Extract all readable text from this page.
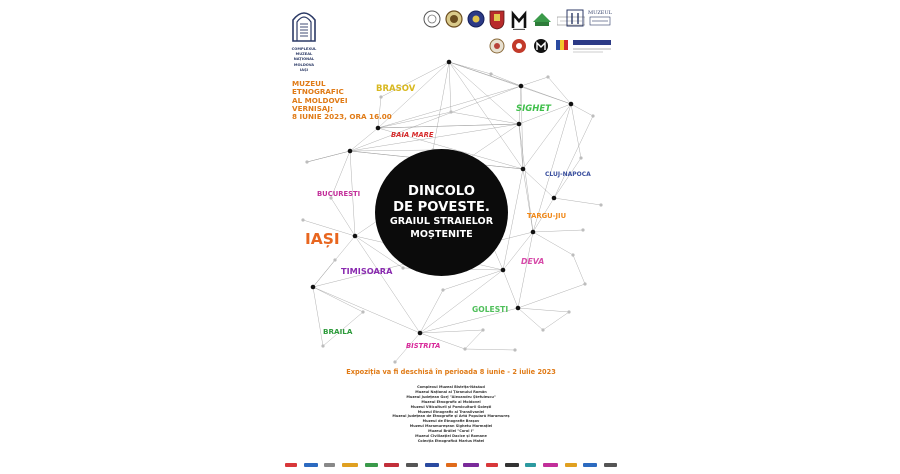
COMPLEXUL
MUZEAL
NAȚIONAL
MOLDOVA
IAȘI
MUZEUL
MUZEUL
ETNOGRAFIC
AL MOLDOVEI
VERNISAJ:
8 IUNIE 2023, ORA 16.00
BRASOV
SIGHET
BAIA MARE
CLUJ-NAPOCA
BUCURESTI
TARGU-JIU
IAȘI
DEVA
TIMISOARA
GOLESTI
BRAILA
BISTRITA
DINCOLO
DE POVESTE.
GRAIUL STRAIELOR
MOȘTENITE
Expoziția va fi deschisă în perioada 8 iunie - 2 iulie 2023
Complexul Muzeal Bistrița-Năsăud
Muzeul Național al Țăranului Român
Muzeul Județean Gorj "Alexandru Ștefulescu"
Muzeul Etnografic al Moldovei
Muzeul Viticulturii și Pomiculturii Golești
Muzeul Etnografic al Transilvaniei
Muzeul Județean de Etnografie și Artă Populară Maramureș
Muzeul de Etnografie Brașov
Muzeul Maramureșean Sighetu Marmației
Muzeul Brăilei "Carol I"
Muzeul Civilizației Dacice și Romane
Colecția Etnografică Marius Matei
